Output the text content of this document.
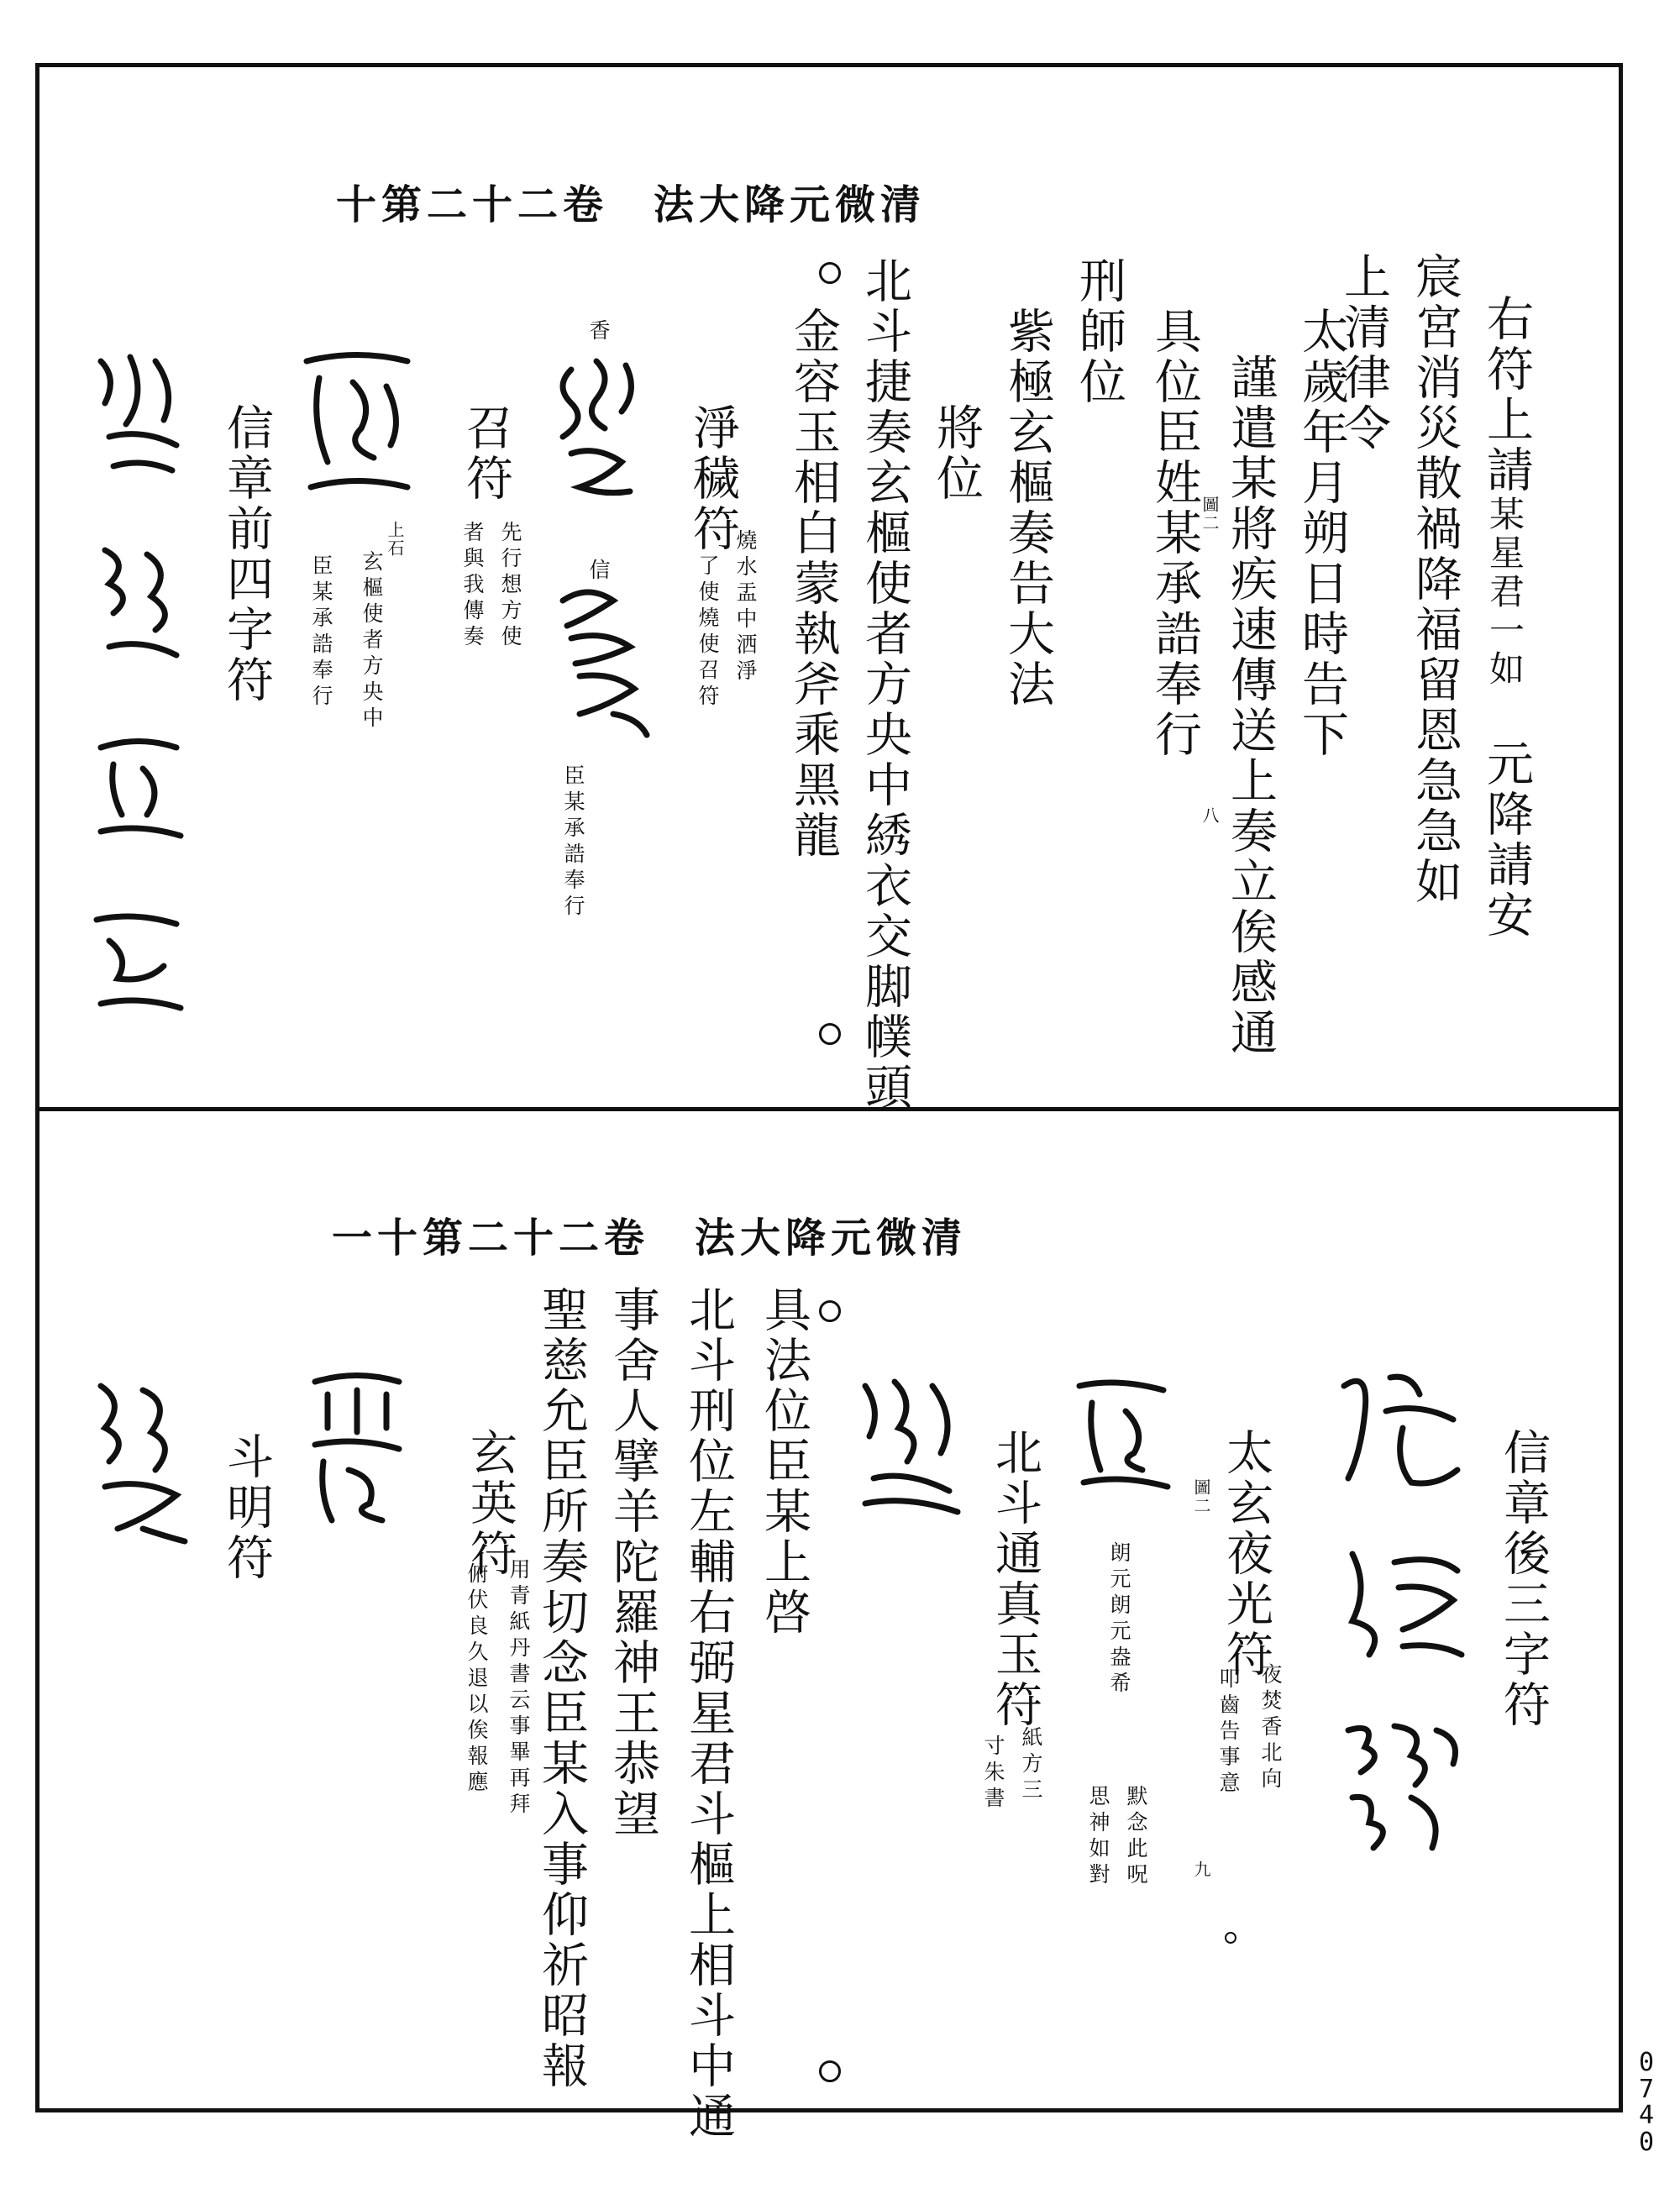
十第二十二卷　法大降元微清
右符上請
某星君一如
元降請安
宸宮消災散禍降福留恩急急如
上清律令
太歲年月朔日時告下
謹遣某將疾速傳送上奏立俟感通
圖二
八
具位臣姓某承誥奉行
紫極玄樞奏告大法 刑師位
將位
北斗捷奏玄樞使者方央中綉衣交脚幞頭
金容玉相白蒙執斧乘黑龍
淨穢符
燒水盂中洒淨
了使燒使召符
香
信
臣某承誥奉行
召符
先行想方使
者與我傳奏
上石
玄樞使者方央中
臣某承誥奉行
信章前四字符
一十第二十二卷　法大降元微清
信章後三字符
太玄夜光符
夜焚香北向
叩齒告事意
圖二
九
朗元朗元盎希
默念此呪
思神如對
北斗通真玉符
紙方三
寸朱書
具法位臣某上啓
北斗刑位左輔右弼星君斗樞上相斗中通
事舍人擘羊陀羅神王恭望
聖慈允臣所奏切念臣某入事仰祈昭報
玄英符
用青紙丹書云事畢再拜
俯伏良久退以俟報應
斗明符
0
7
4
0
